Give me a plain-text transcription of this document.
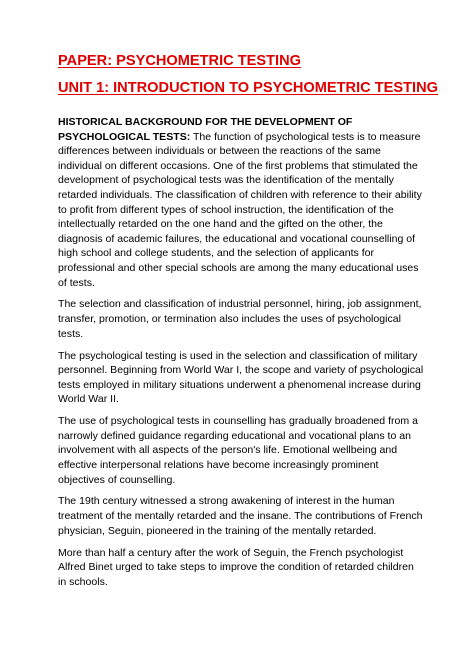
PAPER: PSYCHOMETRIC TESTING
UNIT 1: INTRODUCTION TO PSYCHOMETRIC TESTING

HISTORICAL BACKGROUND FOR THE DEVELOPMENT OF PSYCHOLOGICAL TESTS: The function of psychological tests is to measure differences between individuals or between the reactions of the same individual on different occasions. One of the first problems that stimulated the development of psychological tests was the identification of the mentally retarded individuals. The classification of children with reference to their ability to profit from different types of school instruction, the identification of the intellectually retarded on the one hand and the gifted on the other, the diagnosis of academic failures, the educational and vocational counselling of high school and college students, and the selection of applicants for professional and other special schools are among the many educational uses of tests.

The selection and classification of industrial personnel, hiring, job assignment, transfer, promotion, or termination also includes the uses of psychological tests.

The psychological testing is used in the selection and classification of military personnel. Beginning from World War I, the scope and variety of psychological tests employed in military situations underwent a phenomenal increase during World War II.

The use of psychological tests in counselling has gradually broadened from a narrowly defined guidance regarding educational and vocational plans to an involvement with all aspects of the person's life. Emotional wellbeing and effective interpersonal relations have become increasingly prominent objectives of counselling.

The 19th century witnessed a strong awakening of interest in the human treatment of the mentally retarded and the insane. The contributions of French physician, Seguin, pioneered in the training of the mentally retarded.

More than half a century after the work of Seguin, the French psychologist Alfred Binet urged to take steps to improve the condition of retarded children in schools.
